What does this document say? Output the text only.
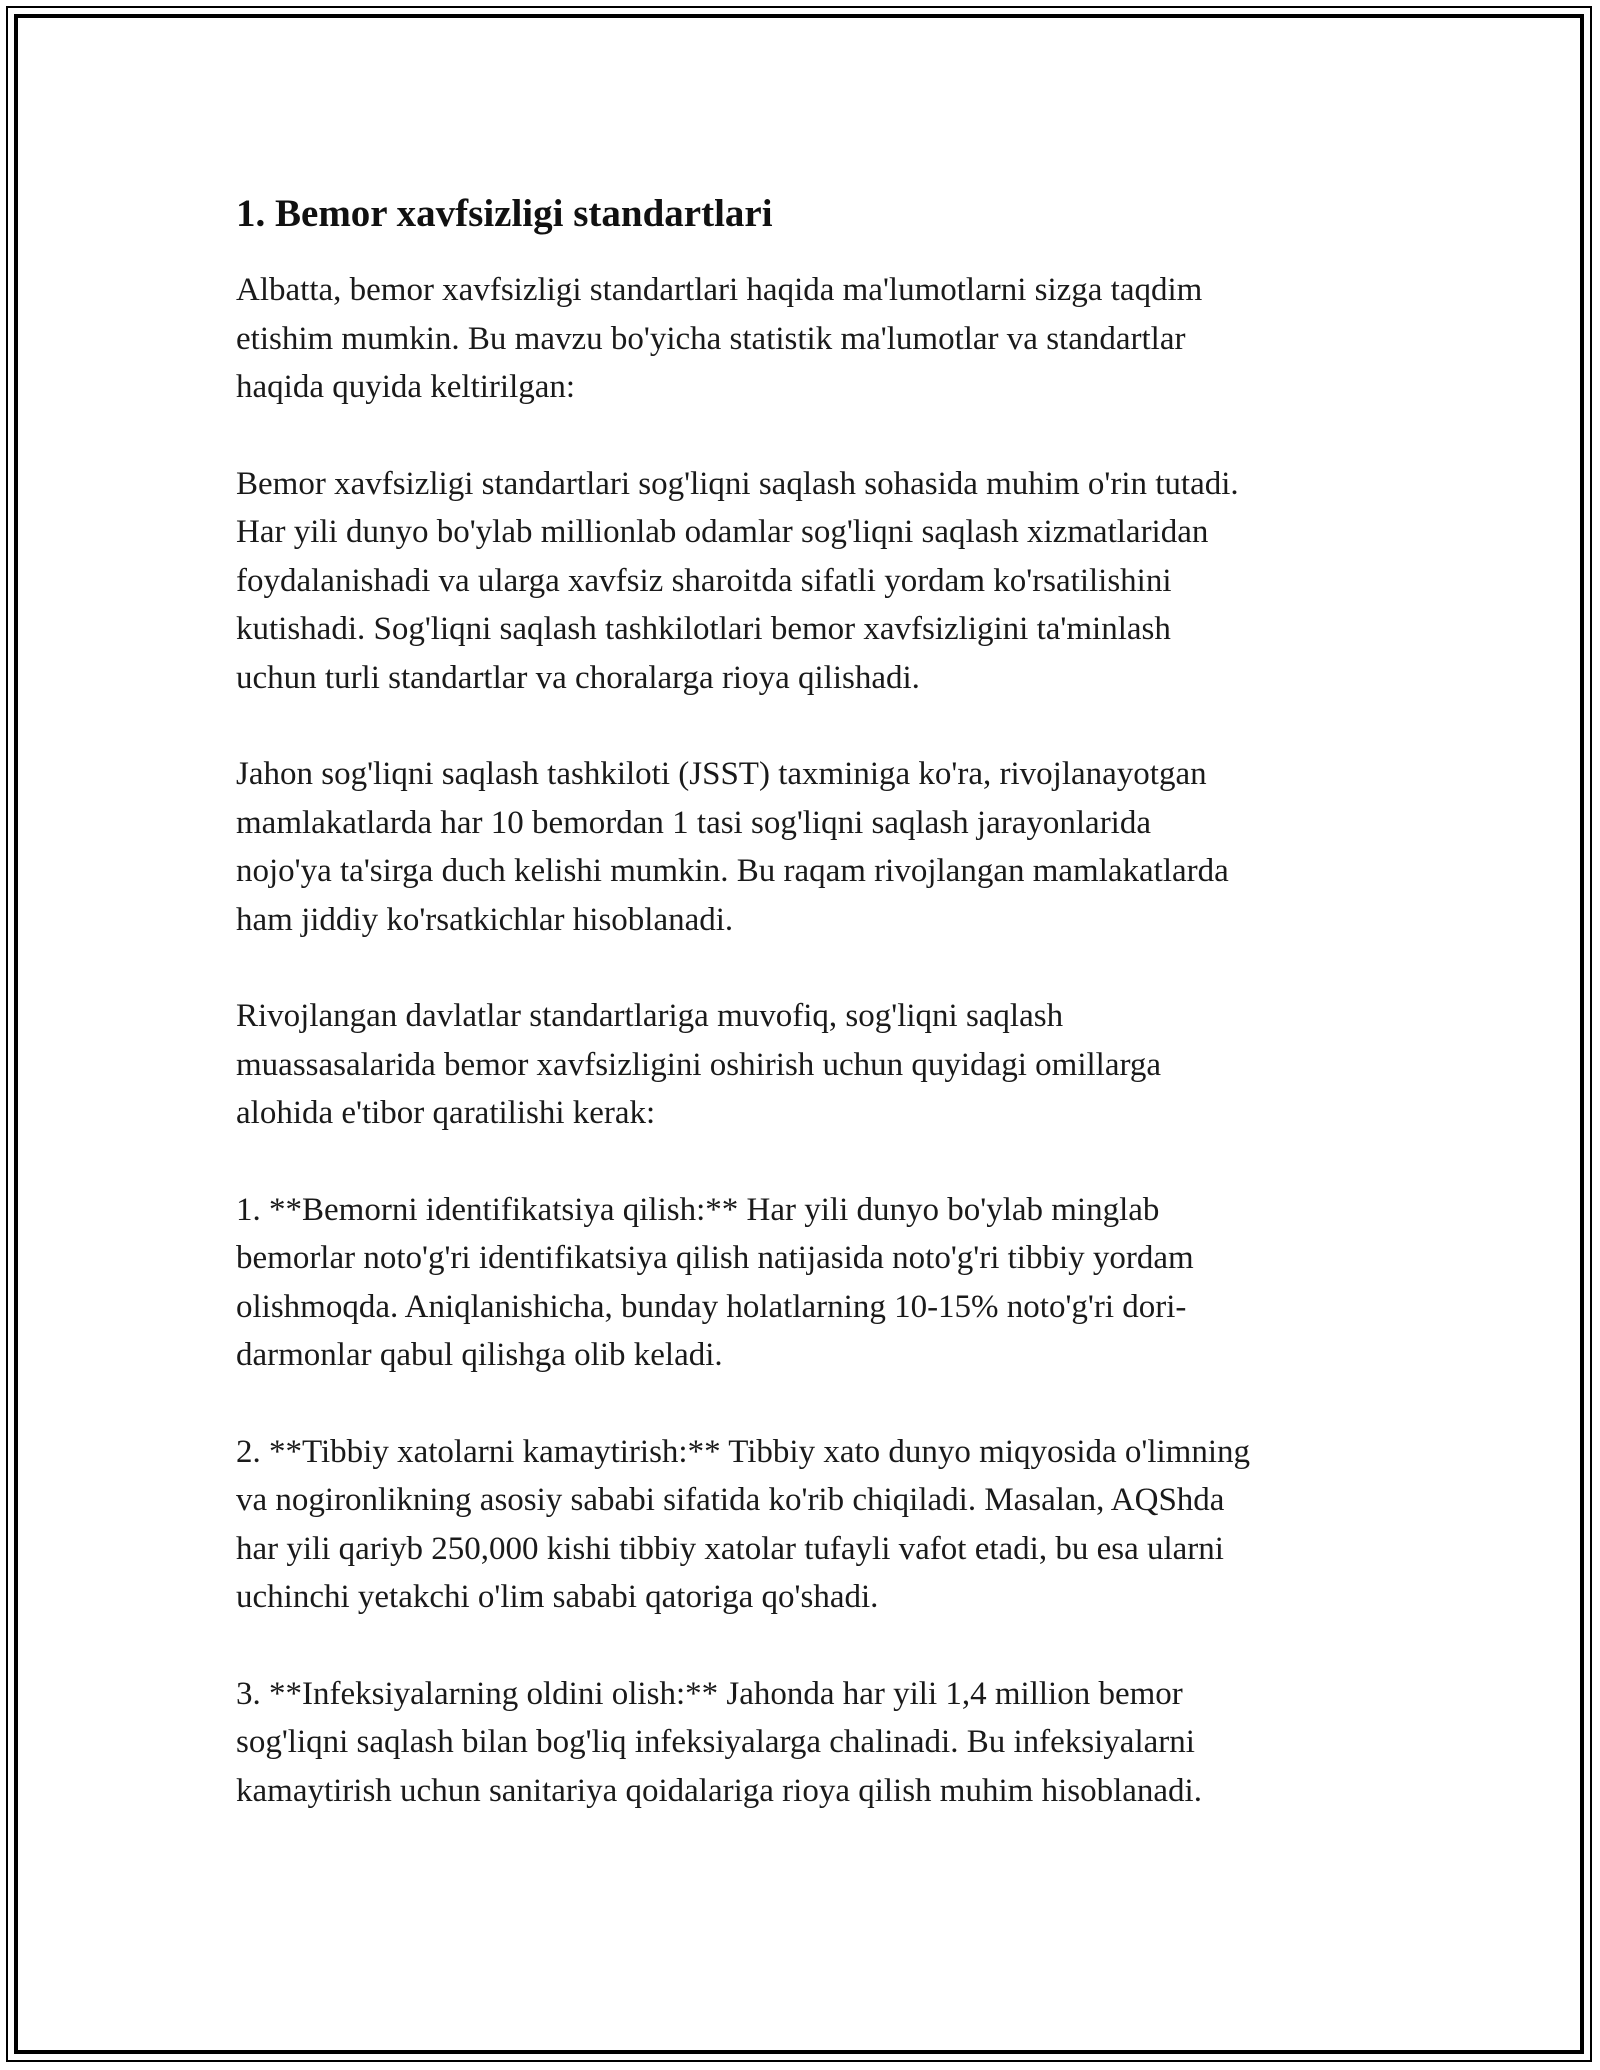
1. Bemor xavfsizligi standartlari

Albatta, bemor xavfsizligi standartlari haqida ma'lumotlarni sizga taqdim
etishim mumkin. Bu mavzu bo'yicha statistik ma'lumotlar va standartlar
haqida quyida keltirilgan:

Bemor xavfsizligi standartlari sog'liqni saqlash sohasida muhim o'rin tutadi.
Har yili dunyo bo'ylab millionlab odamlar sog'liqni saqlash xizmatlaridan
foydalanishadi va ularga xavfsiz sharoitda sifatli yordam ko'rsatilishini
kutishadi. Sog'liqni saqlash tashkilotlari bemor xavfsizligini ta'minlash
uchun turli standartlar va choralarga rioya qilishadi.

Jahon sog'liqni saqlash tashkiloti (JSST) taxminiga ko'ra, rivojlanayotgan
mamlakatlarda har 10 bemordan 1 tasi sog'liqni saqlash jarayonlarida
nojo'ya ta'sirga duch kelishi mumkin. Bu raqam rivojlangan mamlakatlarda
ham jiddiy ko'rsatkichlar hisoblanadi.

Rivojlangan davlatlar standartlariga muvofiq, sog'liqni saqlash
muassasalarida bemor xavfsizligini oshirish uchun quyidagi omillarga
alohida e'tibor qaratilishi kerak:

1. **Bemorni identifikatsiya qilish:** Har yili dunyo bo'ylab minglab
bemorlar noto'g'ri identifikatsiya qilish natijasida noto'g'ri tibbiy yordam
olishmoqda. Aniqlanishicha, bunday holatlarning 10-15% noto'g'ri dori-
darmonlar qabul qilishga olib keladi.

2. **Tibbiy xatolarni kamaytirish:** Tibbiy xato dunyo miqyosida o'limning
va nogironlikning asosiy sababi sifatida ko'rib chiqiladi. Masalan, AQShda
har yili qariyb 250,000 kishi tibbiy xatolar tufayli vafot etadi, bu esa ularni
uchinchi yetakchi o'lim sababi qatoriga qo'shadi.

3. **Infeksiyalarning oldini olish:** Jahonda har yili 1,4 million bemor
sog'liqni saqlash bilan bog'liq infeksiyalarga chalinadi. Bu infeksiyalarni
kamaytirish uchun sanitariya qoidalariga rioya qilish muhim hisoblanadi.
